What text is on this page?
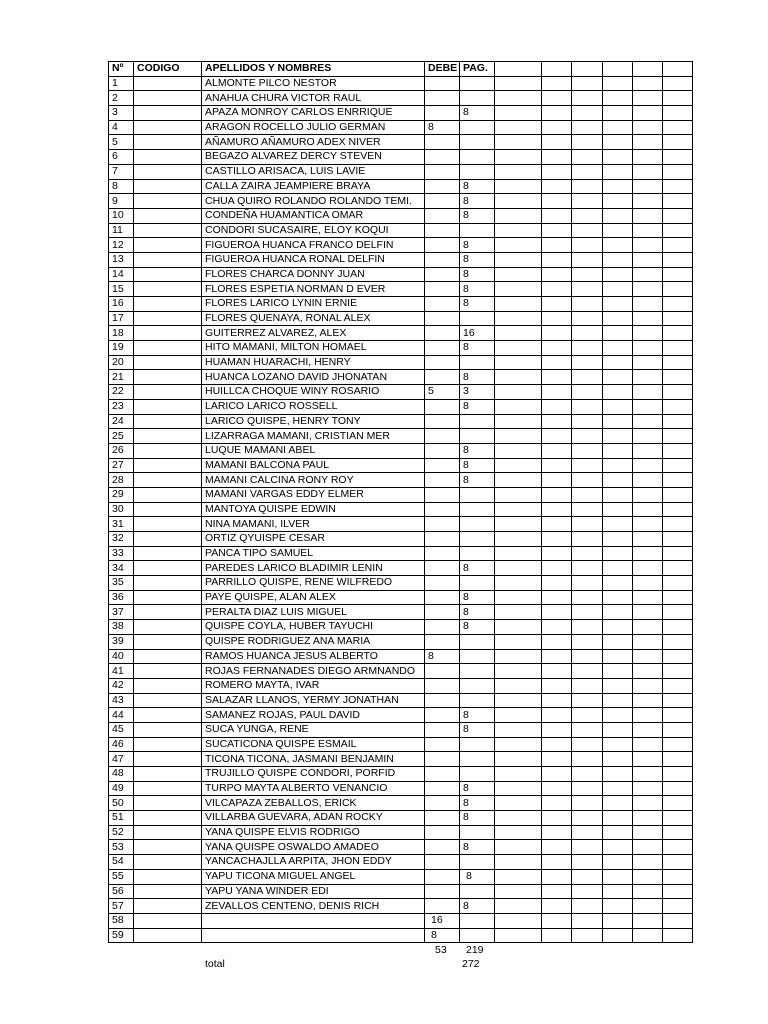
Nº	CODIGO	APELLIDOS Y NOMBRES	DEBE	PAG.						
1		ALMONTE PILCO NESTOR								
2		ANAHUA CHURA VICTOR RAUL								
3		APAZA MONROY CARLOS ENRRIQUE		8						
4		ARAGON ROCELLO JULIO GERMAN	8							
5		AÑAMURO AÑAMURO ADEX NIVER								
6		BEGAZO ALVAREZ DERCY STEVEN								
7		CASTILLO ARISACA, LUIS LAVIE								
8		CALLA ZAIRA JEAMPIERE BRAYA		8						
9		CHUA QUIRO ROLANDO ROLANDO TEMI.		8						
10		CONDEÑA HUAMANTICA OMAR		8						
11		CONDORI SUCASAIRE, ELOY KOQUI								
12		FIGUEROA HUANCA FRANCO DELFIN		8						
13		FIGUEROA HUANCA RONAL DELFIN		8						
14		FLORES CHARCA DONNY JUAN		8						
15		FLORES ESPETIA NORMAN D EVER		8						
16		FLORES LARICO LYNIN ERNIE		8						
17		FLORES QUENAYA, RONAL ALEX								
18		GUITERREZ ALVAREZ, ALEX		16						
19		HITO MAMANI, MILTON HOMAEL		8						
20		HUAMAN HUARACHI, HENRY								
21		HUANCA LOZANO DAVID JHONATAN		8						
22		HUILLCA CHOQUE WINY ROSARIO	5	3						
23		LARICO LARICO ROSSELL		8						
24		LARICO QUISPE, HENRY TONY								
25		LIZARRAGA MAMANI, CRISTIAN MER								
26		LUQUE MAMANI ABEL		8						
27		MAMANI BALCONA PAUL		8						
28		MAMANI CALCINA RONY ROY		8						
29		MAMANI VARGAS EDDY ELMER								
30		MANTOYA QUISPE EDWIN								
31		NINA MAMANI, ILVER								
32		ORTIZ QYUISPE CESAR								
33		PANCA TIPO SAMUEL								
34		PAREDES LARICO BLADIMIR LENIN		8						
35		PARRILLO QUISPE, RENE WILFREDO								
36		PAYE QUISPE, ALAN ALEX		8						
37		PERALTA DIAZ LUIS MIGUEL		8						
38		QUISPE COYLA, HUBER TAYUCHI		8						
39		QUISPE RODRIGUEZ ANA MARIA								
40		RAMOS HUANCA JESUS ALBERTO	8							
41		ROJAS FERNANADES DIEGO ARMNANDO								
42		ROMERO MAYTA, IVAR								
43		SALAZAR LLANOS, YERMY JONATHAN								
44		SAMANEZ ROJAS, PAUL DAVID		8						
45		SUCA YUNGA, RENE		8						
46		SUCATICONA QUISPE ESMAIL								
47		TICONA TICONA, JASMANI BENJAMIN								
48		TRUJILLO QUISPE CONDORI, PORFID								
49		TURPO MAYTA ALBERTO VENANCIO		8						
50		VILCAPAZA ZEBALLOS, ERICK		8						
51		VILLARBA GUEVARA, ADAN ROCKY		8						
52		YANA QUISPE ELVIS RODRIGO								
53		YANA QUISPE OSWALDO AMADEO		8						
54		YANCACHAJLLA ARPITA, JHON EDDY								
55		YAPU TICONA MIGUEL ANGEL		8						
56		YAPU YANA WINDER EDI								
57		ZEVALLOS CENTENO, DENIS RICH		8						
58			16							
59			8							
53 219
total	272
